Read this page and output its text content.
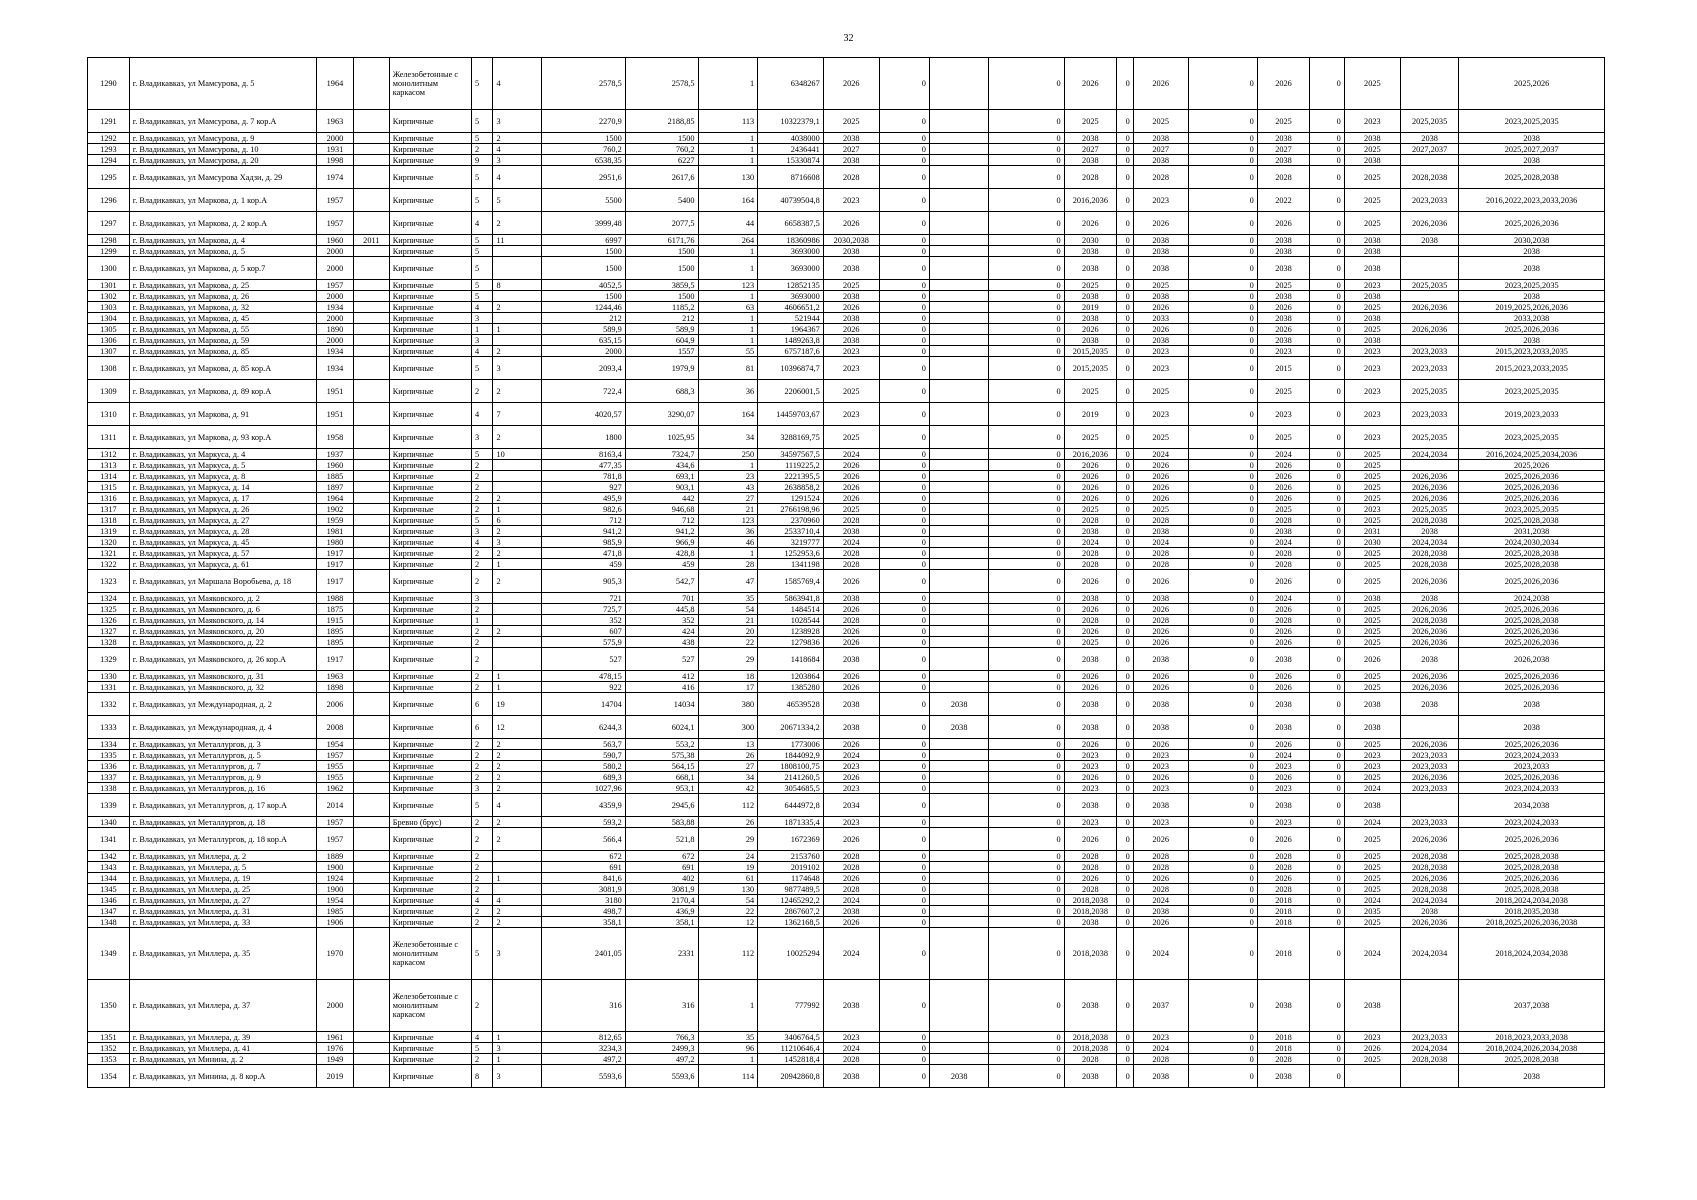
32
1290	г. Владикавказ, ул Мамсурова, д. 5	1964		Железобетонные с монолитным каркасом	5	4	2578,5	2578,5	1	6348267	2026	0		0	2026	0	2026	0	2026	0	2025		2025,2026
1291	г. Владикавказ, ул Мамсурова, д. 7 кор.А	1963		Кирпичные	5	3	2270,9	2188,85	113	10322379,1	2025	0		0	2025	0	2025	0	2025	0	2023	2025,2035	2023,2025,2035
1292	г. Владикавказ, ул Мамсурова, д. 9	2000		Кирпичные	5	2	1500	1500	1	4038000	2038	0		0	2038	0	2038	0	2038	0	2038	2038	2038
1293	г. Владикавказ, ул Мамсурова, д. 10	1931		Кирпичные	2	4	760,2	760,2	1	2436441	2027	0		0	2027	0	2027	0	2027	0	2025	2027,2037	2025,2027,2037
1294	г. Владикавказ, ул Мамсурова, д. 20	1998		Кирпичные	9	3	6538,35	6227	1	15330874	2038	0		0	2038	0	2038	0	2038	0	2038		2038
1295	г. Владикавказ, ул Мамсурова Хадзи, д. 29	1974		Кирпичные	5	4	2951,6	2617,6	130	8716608	2028	0		0	2028	0	2028	0	2028	0	2025	2028,2038	2025,2028,2038
1296	г. Владикавказ, ул Маркова, д. 1 кор.А	1957		Кирпичные	5	5	5500	5400	164	40739504,8	2023	0		0	2016,2036	0	2023	0	2022	0	2025	2023,2033	2016,2022,2023,2033,2036
1297	г. Владикавказ, ул Маркова, д. 2 кор.А	1957		Кирпичные	4	2	3999,48	2077,5	44	6658387,5	2026	0		0	2026	0	2026	0	2026	0	2025	2026,2036	2025,2026,2036
1298	г. Владикавказ, ул Маркова, д. 4	1960	2011	Кирпичные	5	11	6997	6171,76	264	18360986	2030,2038	0		0	2030	0	2038	0	2038	0	2038	2038	2030,2038
1299	г. Владикавказ, ул Маркова, д. 5	2000		Кирпичные	5		1500	1500	1	3693000	2038	0		0	2038	0	2038	0	2038	0	2038		2038
1300	г. Владикавказ, ул Маркова, д. 5 кор.7	2000		Кирпичные	5		1500	1500	1	3693000	2038	0		0	2038	0	2038	0	2038	0	2038		2038
1301	г. Владикавказ, ул Маркова, д. 25	1957		Кирпичные	5	8	4052,5	3859,5	123	12852135	2025	0		0	2025	0	2025	0	2025	0	2023	2025,2035	2023,2025,2035
1302	г. Владикавказ, ул Маркова, д. 26	2000		Кирпичные	5		1500	1500	1	3693000	2038	0		0	2038	0	2038	0	2038	0	2038		2038
1303	г. Владикавказ, ул Маркова, д. 32	1934		Кирпичные	4	2	1244,46	1185,2	63	4606651,2	2026	0		0	2019	0	2026	0	2026	0	2025	2026,2036	2019,2025,2026,2036
1304	г. Владикавказ, ул Маркова, д. 45	2000		Кирпичные	3		212	212	1	521944	2038	0		0	2038	0	2033	0	2038	0	2038		2033,2038
1305	г. Владикавказ, ул Маркова, д. 55	1890		Кирпичные	1	1	589,9	589,9	1	1964367	2026	0		0	2026	0	2026	0	2026	0	2025	2026,2036	2025,2026,2036
1306	г. Владикавказ, ул Маркова, д. 59	2000		Кирпичные	3		635,15	604,9	1	1489263,8	2038	0		0	2038	0	2038	0	2038	0	2038		2038
1307	г. Владикавказ, ул Маркова, д. 85	1934		Кирпичные	4	2	2000	1557	55	6757187,6	2023	0		0	2015,2035	0	2023	0	2023	0	2023	2023,2033	2015,2023,2033,2035
1308	г. Владикавказ, ул Маркова, д. 85 кор.А	1934		Кирпичные	5	3	2093,4	1979,9	81	10396874,7	2023	0		0	2015,2035	0	2023	0	2015	0	2023	2023,2033	2015,2023,2033,2035
1309	г. Владикавказ, ул Маркова, д. 89 кор.А	1951		Кирпичные	2	2	722,4	688,3	36	2206001,5	2025	0		0	2025	0	2025	0	2025	0	2023	2025,2035	2023,2025,2035
1310	г. Владикавказ, ул Маркова, д. 91	1951		Кирпичные	4	7	4020,57	3290,07	164	14459703,67	2023	0		0	2019	0	2023	0	2023	0	2023	2023,2033	2019,2023,2033
1311	г. Владикавказ, ул Маркова, д. 93 кор.А	1958		Кирпичные	3	2	1800	1025,95	34	3288169,75	2025	0		0	2025	0	2025	0	2025	0	2023	2025,2035	2023,2025,2035
1312	г. Владикавказ, ул Маркуса, д. 4	1937		Кирпичные	5	10	8163,4	7324,7	250	34597567,5	2024	0		0	2016,2036	0	2024	0	2024	0	2025	2024,2034	2016,2024,2025,2034,2036
1313	г. Владикавказ, ул Маркуса, д. 5	1960		Кирпичные	2		477,35	434,6	1	1119225,2	2026	0		0	2026	0	2026	0	2026	0	2025		2025,2026
1314	г. Владикавказ, ул Маркуса, д. 8	1885		Кирпичные	2		781,8	693,1	23	2221395,5	2026	0		0	2026	0	2026	0	2026	0	2025	2026,2036	2025,2026,2036
1315	г. Владикавказ, ул Маркуса, д. 14	1897		Кирпичные	2		927	903,1	43	2638858,2	2026	0		0	2026	0	2026	0	2026	0	2025	2026,2036	2025,2026,2036
1316	г. Владикавказ, ул Маркуса, д. 17	1964		Кирпичные	2	2	495,9	442	27	1291524	2026	0		0	2026	0	2026	0	2026	0	2025	2026,2036	2025,2026,2036
1317	г. Владикавказ, ул Маркуса, д. 26	1902		Кирпичные	2	1	982,6	946,68	21	2766198,96	2025	0		0	2025	0	2025	0	2025	0	2023	2025,2035	2023,2025,2035
1318	г. Владикавказ, ул Маркуса, д. 27	1959		Кирпичные	5	6	712	712	123	2370960	2028	0		0	2028	0	2028	0	2028	0	2025	2028,2038	2025,2028,2038
1319	г. Владикавказ, ул Маркуса, д. 28	1981		Кирпичные	3	2	941,2	941,2	36	2533710,4	2038	0		0	2038	0	2038	0	2038	0	2031	2038	2031,2038
1320	г. Владикавказ, ул Маркуса, д. 45	1980		Кирпичные	4	3	985,9	966,9	46	3219777	2024	0		0	2024	0	2024	0	2024	0	2030	2024,2034	2024,2030,2034
1321	г. Владикавказ, ул Маркуса, д. 57	1917		Кирпичные	2	2	471,8	428,8	1	1252953,6	2028	0		0	2028	0	2028	0	2028	0	2025	2028,2038	2025,2028,2038
1322	г. Владикавказ, ул Маркуса, д. 61	1917		Кирпичные	2	1	459	459	28	1341198	2028	0		0	2028	0	2028	0	2028	0	2025	2028,2038	2025,2028,2038
1323	г. Владикавказ, ул Маршала Воробьева, д. 18	1917		Кирпичные	2	2	905,3	542,7	47	1585769,4	2026	0		0	2026	0	2026	0	2026	0	2025	2026,2036	2025,2026,2036
1324	г. Владикавказ, ул Маяковского, д. 2	1988		Кирпичные	3		721	701	35	5863941,8	2038	0		0	2038	0	2038	0	2024	0	2038	2038	2024,2038
1325	г. Владикавказ, ул Маяковского, д. 6	1875		Кирпичные	2		725,7	445,8	54	1484514	2026	0		0	2026	0	2026	0	2026	0	2025	2026,2036	2025,2026,2036
1326	г. Владикавказ, ул Маяковского, д. 14	1915		Кирпичные	1		352	352	21	1028544	2028	0		0	2028	0	2028	0	2028	0	2025	2028,2038	2025,2028,2038
1327	г. Владикавказ, ул Маяковского, д. 20	1895		Кирпичные	2	2	607	424	20	1238928	2026	0		0	2026	0	2026	0	2026	0	2025	2026,2036	2025,2026,2036
1328	г. Владикавказ, ул Маяковского, д. 22	1895		Кирпичные	2		575,9	438	22	1279836	2026	0		0	2025	0	2026	0	2026	0	2025	2026,2036	2025,2026,2036
1329	г. Владикавказ, ул Маяковского, д. 26 кор.А	1917		Кирпичные	2		527	527	29	1418684	2038	0		0	2038	0	2038	0	2038	0	2026	2038	2026,2038
1330	г. Владикавказ, ул Маяковского, д. 31	1963		Кирпичные	2	1	478,15	412	18	1203864	2026	0		0	2026	0	2026	0	2026	0	2025	2026,2036	2025,2026,2036
1331	г. Владикавказ, ул Маяковского, д. 32	1898		Кирпичные	2	1	922	416	17	1385280	2026	0		0	2026	0	2026	0	2026	0	2025	2026,2036	2025,2026,2036
1332	г. Владикавказ, ул Международная, д. 2	2006		Кирпичные	6	19	14704	14034	380	46539528	2038	0	2038	0	2038	0	2038	0	2038	0	2038	2038	2038
1333	г. Владикавказ, ул Международная, д. 4	2008		Кирпичные	6	12	6244,3	6024,1	300	20671334,2	2038	0	2038	0	2038	0	2038	0	2038	0	2038		2038
1334	г. Владикавказ, ул Металлургов, д. 3	1954		Кирпичные	2	2	563,7	553,2	13	1773006	2026	0		0	2026	0	2026	0	2026	0	2025	2026,2036	2025,2026,2036
1335	г. Владикавказ, ул Металлургов, д. 5	1957		Кирпичные	2	2	590,7	575,38	26	1844092,9	2024	0		0	2023	0	2023	0	2024	0	2023	2023,2033	2023,2024,2033
1336	г. Владикавказ, ул Металлургов, д. 7	1955		Кирпичные	2	2	580,2	564,15	27	1808100,75	2023	0		0	2023	0	2023	0	2023	0	2023	2023,2033	2023,2033
1337	г. Владикавказ, ул Металлургов, д. 9	1955		Кирпичные	2	2	689,3	668,1	34	2141260,5	2026	0		0	2026	0	2026	0	2026	0	2025	2026,2036	2025,2026,2036
1338	г. Владикавказ, ул Металлургов, д. 16	1962		Кирпичные	3	2	1027,96	953,1	42	3054685,5	2023	0		0	2023	0	2023	0	2023	0	2024	2023,2033	2023,2024,2033
1339	г. Владикавказ, ул Металлургов, д. 17 кор.А	2014		Кирпичные	5	4	4359,9	2945,6	112	6444972,8	2034	0		0	2038	0	2038	0	2038	0	2038		2034,2038
1340	г. Владикавказ, ул Металлургов, д. 18	1957		Бревно (брус)	2	2	593,2	583,88	26	1871335,4	2023	0		0	2023	0	2023	0	2023	0	2024	2023,2033	2023,2024,2033
1341	г. Владикавказ, ул Металлургов, д. 18 кор.А	1957		Кирпичные	2	2	566,4	521,8	29	1672369	2026	0		0	2026	0	2026	0	2026	0	2025	2026,2036	2025,2026,2036
1342	г. Владикавказ, ул Миллера, д. 2	1889		Кирпичные	2		672	672	24	2153760	2028	0		0	2028	0	2028	0	2028	0	2025	2028,2038	2025,2028,2038
1343	г. Владикавказ, ул Миллера, д. 5	1900		Кирпичные	2		691	691	19	2019102	2028	0		0	2028	0	2028	0	2028	0	2025	2028,2038	2025,2028,2038
1344	г. Владикавказ, ул Миллера, д. 19	1924		Кирпичные	2	1	841,6	402	61	1174648	2026	0		0	2026	0	2026	0	2026	0	2025	2026,2036	2025,2026,2036
1345	г. Владикавказ, ул Миллера, д. 25	1900		Кирпичные	2		3081,9	3081,9	130	9877489,5	2028	0		0	2028	0	2028	0	2028	0	2025	2028,2038	2025,2028,2038
1346	г. Владикавказ, ул Миллера, д. 27	1954		Кирпичные	4	4	3180	2170,4	54	12465292,2	2024	0		0	2018,2038	0	2024	0	2018	0	2024	2024,2034	2018,2024,2034,2038
1347	г. Владикавказ, ул Миллера, д. 31	1985		Кирпичные	2	2	498,7	436,9	22	2867607,2	2038	0		0	2018,2038	0	2038	0	2018	0	2035	2038	2018,2035,2038
1348	г. Владикавказ, ул Миллера, д. 33	1906		Кирпичные	2	2	358,1	358,1	12	1362168,5	2026	0		0	2038	0	2026	0	2018	0	2025	2026,2036	2018,2025,2026,2036,2038
1349	г. Владикавказ, ул Миллера, д. 35	1970		Железобетонные с монолитным каркасом	5	3	2401,05	2331	112	10025294	2024	0		0	2018,2038	0	2024	0	2018	0	2024	2024,2034	2018,2024,2034,2038
1350	г. Владикавказ, ул Миллера, д. 37	2000		Железобетонные с монолитным каркасом	2		316	316	1	777992	2038	0		0	2038	0	2037	0	2038	0	2038		2037,2038
1351	г. Владикавказ, ул Миллера, д. 39	1961		Кирпичные	4	1	812,65	766,3	35	3406764,5	2023	0		0	2018,2038	0	2023	0	2018	0	2023	2023,2033	2018,2023,2033,2038
1352	г. Владикавказ, ул Миллера, д. 41	1976		Кирпичные	5	3	3234,3	2499,3	96	11210646,4	2024	0		0	2018,2038	0	2024	0	2018	0	2026	2024,2034	2018,2024,2026,2034,2038
1353	г. Владикавказ, ул Минина, д. 2	1949		Кирпичные	2	1	497,2	497,2	1	1452818,4	2028	0		0	2028	0	2028	0	2028	0	2025	2028,2038	2025,2028,2038
1354	г. Владикавказ, ул Минина, д. 8 кор.А	2019		Кирпичные	8	3	5593,6	5593,6	114	20942860,8	2038	0	2038	0	2038	0	2038	0	2038	0			2038
